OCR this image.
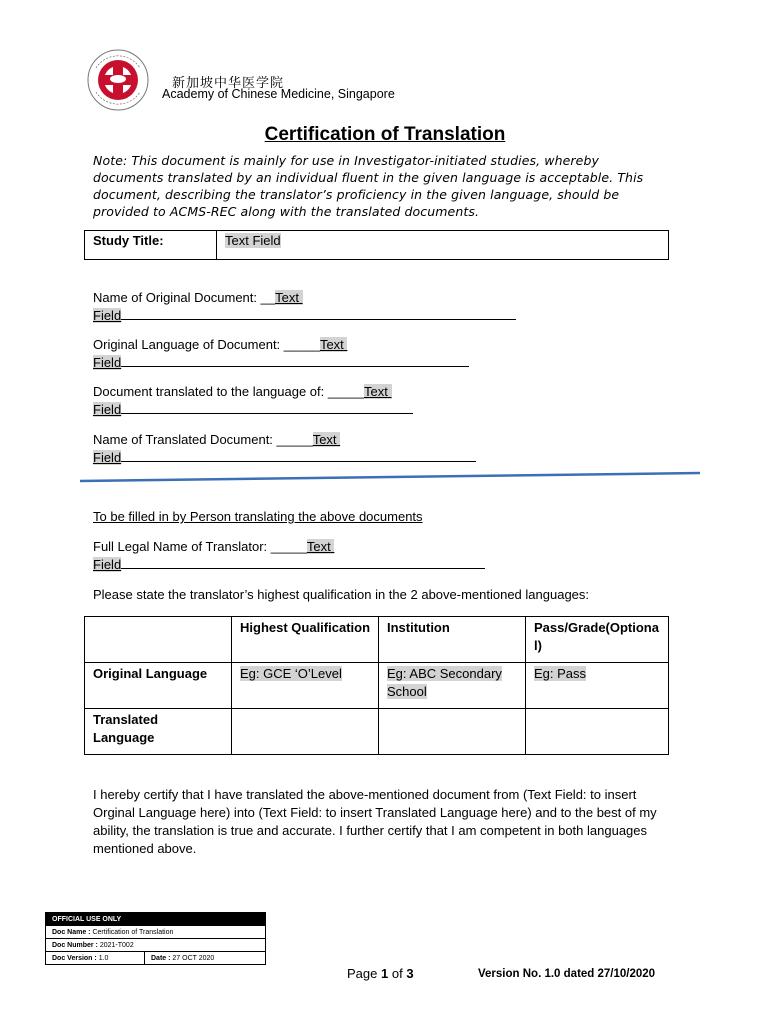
新加坡中华医学院
Academy of Chinese Medicine, Singapore
Certification of Translation
Note: This document is mainly for use in Investigator-initiated studies, whereby documents translated by an individual fluent in the given language is acceptable. This document, describing the translator’s proficiency in the given language, should be provided to ACMS-REC along with the translated documents.
Study Title:	Text Field
Name of Original Document: __Text
Field
Original Language of Document: _____Text
Field
Document translated to the language of: _____Text
Field
Name of Translated Document: _____Text
Field
To be filled in by Person translating the above documents
Full Legal Name of Translator: _____Text
Field
Please state the translator’s highest qualification in the 2 above-mentioned languages:
	Highest Qualification	Institution	Pass/Grade(Optional)
Original Language	Eg: GCE ‘O’Level	Eg: ABC Secondary School	Eg: Pass
Translated Language			
I hereby certify that I have translated the above-mentioned document from (Text Field: to insert Orginal Language here) into (Text Field: to insert Translated Language here) and to the best of my ability, the translation is true and accurate. I further certify that I am competent in both languages mentioned above.
OFFICIAL USE ONLY
Doc Name : Certification of Translation
Doc Number : 2021-T002
Doc Version : 1.0	Date : 27 OCT 2020
Page 1 of 3	Version No. 1.0 dated 27/10/2020
